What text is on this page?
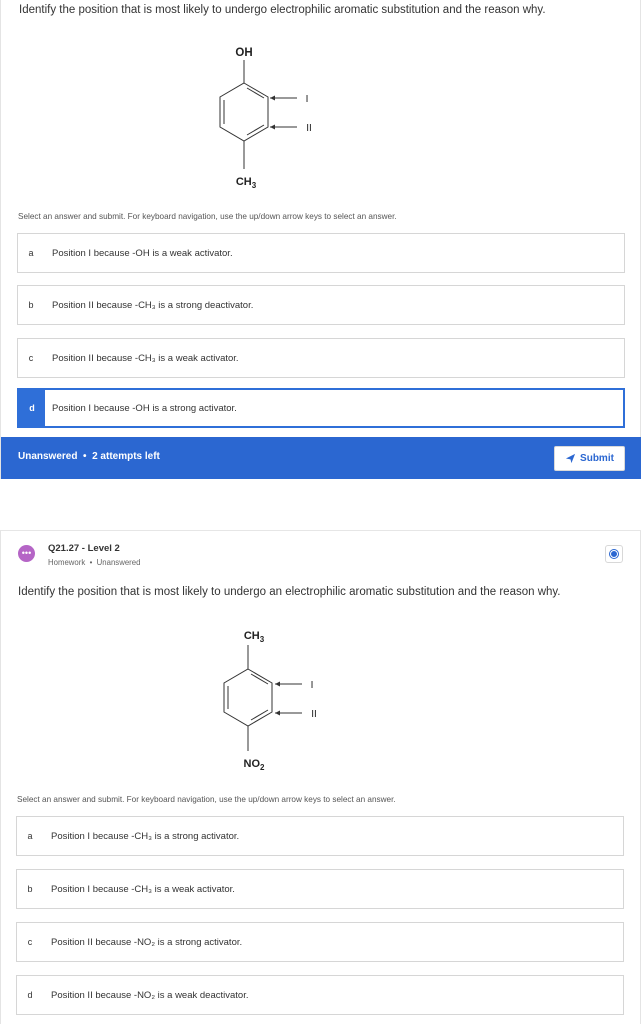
Identify the position that is most likely to undergo electrophilic aromatic substitution and the reason why.
OH
$CH_3$
I
II
Select an answer and submit. For keyboard navigation, use the up/down arrow keys to select an answer.
a	Position I because -OH is a weak activator.
b	Position II because -CH₃ is a strong deactivator.
c	Position II because -CH₃ is a weak activator.
d	Position I because -OH is a strong activator.
Unanswered  •  2 attempts left	Submit
•••	Q21.27 - Level 2
Homework  •  Unanswered
Identify the position that is most likely to undergo an electrophilic aromatic substitution and the reason why.
$CH_3$
$NO_2$
I
II
Select an answer and submit. For keyboard navigation, use the up/down arrow keys to select an answer.
a	Position I because -CH₃ is a strong activator.
b	Position I because -CH₃ is a weak activator.
c	Position II because -NO₂ is a strong activator.
d	Position II because -NO₂ is a weak deactivator.
